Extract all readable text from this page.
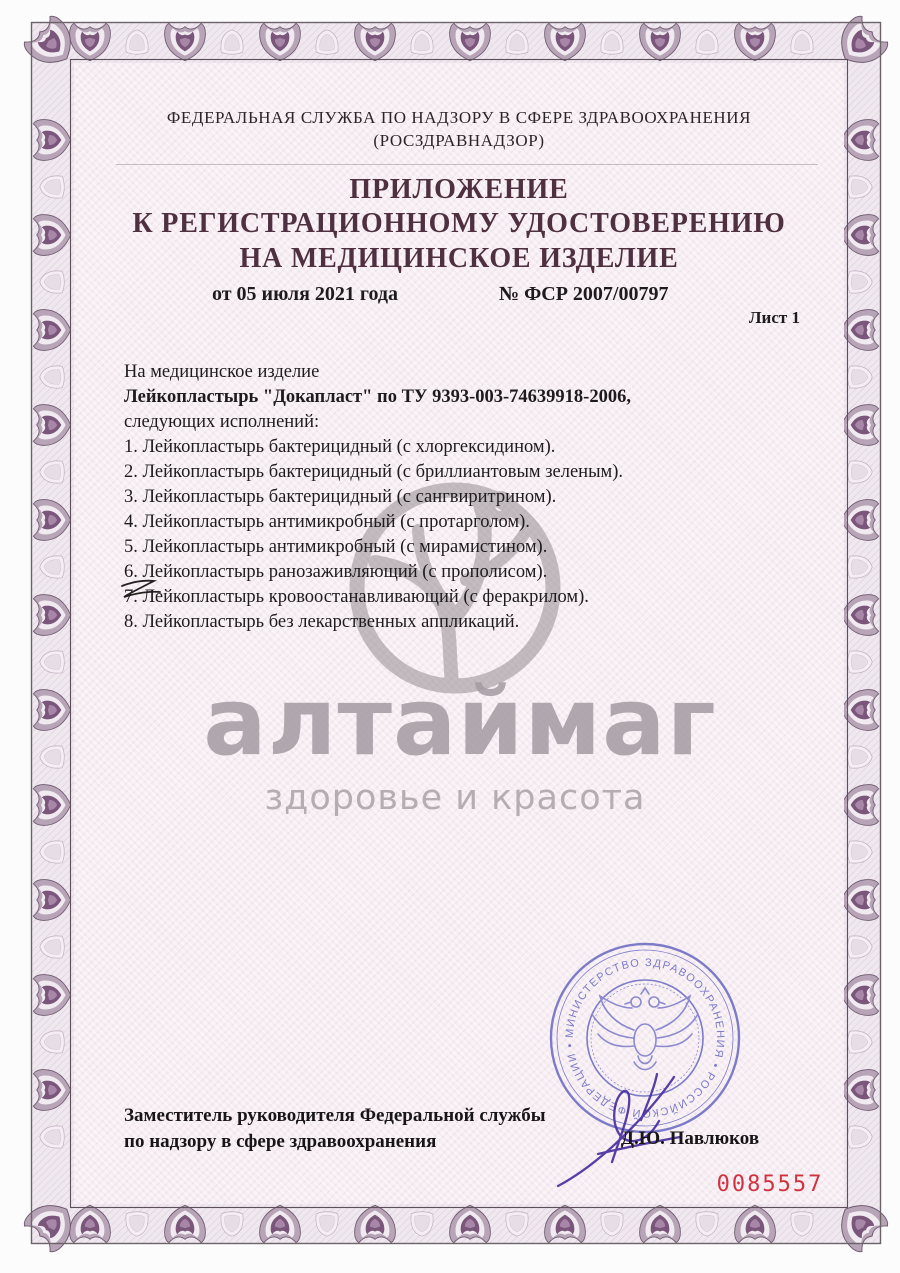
алтаймаг
здоровье и красота
ФЕДЕРАЛЬНАЯ СЛУЖБА ПО НАДЗОРУ В СФЕРЕ ЗДРАВООХРАНЕНИЯ
(РОСЗДРАВНАДЗОР)
ПРИЛОЖЕНИЕ
К РЕГИСТРАЦИОННОМУ УДОСТОВЕРЕНИЮ
НА МЕДИЦИНСКОЕ ИЗДЕЛИЕ
от 05 июля 2021 года	№ ФСР 2007/00797
Лист 1
На медицинское изделие
Лейкопластырь "Докапласт" по ТУ 9393-003-74639918-2006,
следующих исполнений:
1. Лейкопластырь бактерицидный (с хлоргексидином).
2. Лейкопластырь бактерицидный (с бриллиантовым зеленым).
3. Лейкопластырь бактерицидный (с сангвиритрином).
4. Лейкопластырь антимикробный (с протарголом).
5. Лейкопластырь антимикробный (с мирамистином).
6. Лейкопластырь ранозаживляющий (с прополисом).
7. Лейкопластырь кровоостанавливающий (с феракрилом).
8. Лейкопластырь без лекарственных аппликаций.
МИНИСТЕРСТВО ЗДРАВООХРАНЕНИЯ • РОССИЙСКОЙ ФЕДЕРАЦИИ •
Заместитель руководителя Федеральной службы
по надзору в сфере здравоохранения	Д.Ю. Павлюков
0085557
